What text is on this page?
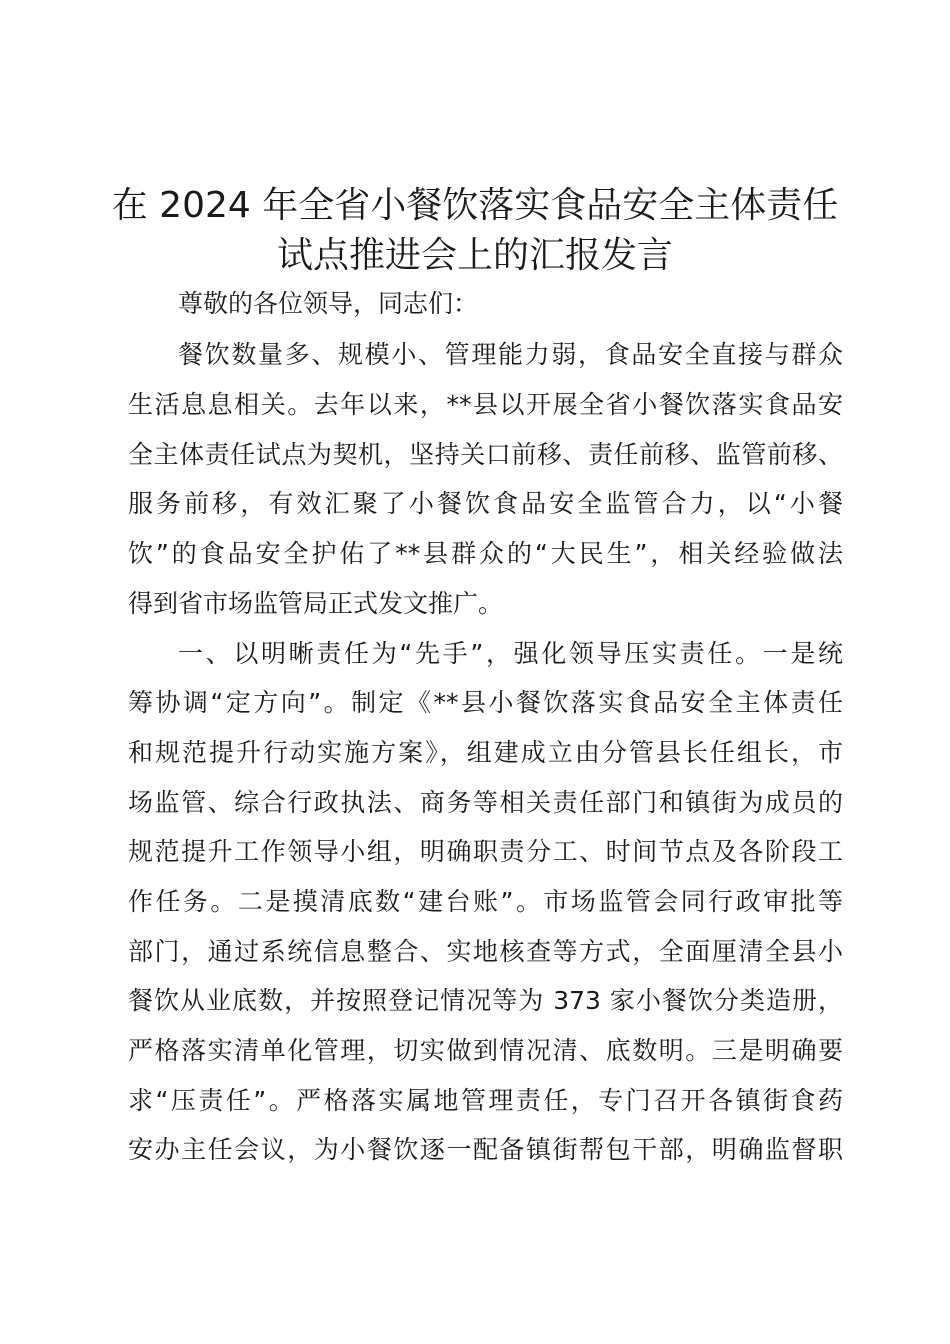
在 2024 年全省小餐饮落实食品安全主体责任
试点推进会上的汇报发言
尊敬的各位领导，同志们：
餐饮数量多、规模小、管理能力弱，食品安全直接与群众
生活息息相关。去年以来，**县以开展全省小餐饮落实食品安
全主体责任试点为契机，坚持关口前移、责任前移、监管前移、
服务前移，有效汇聚了小餐饮食品安全监管合力，以“小餐
饮”的食品安全护佑了**县群众的“大民生”，相关经验做法
得到省市场监管局正式发文推广。
一、以明晰责任为“先手”，强化领导压实责任。一是统
筹协调“定方向”。制定《**县小餐饮落实食品安全主体责任
和规范提升行动实施方案》，组建成立由分管县长任组长，市
场监管、综合行政执法、商务等相关责任部门和镇街为成员的
规范提升工作领导小组，明确职责分工、时间节点及各阶段工
作任务。二是摸清底数“建台账”。市场监管会同行政审批等
部门，通过系统信息整合、实地核查等方式，全面厘清全县小
餐饮从业底数，并按照登记情况等为 373 家小餐饮分类造册，
严格落实清单化管理，切实做到情况清、底数明。三是明确要
求“压责任”。严格落实属地管理责任，专门召开各镇街食药
安办主任会议，为小餐饮逐一配备镇街帮包干部，明确监督职
